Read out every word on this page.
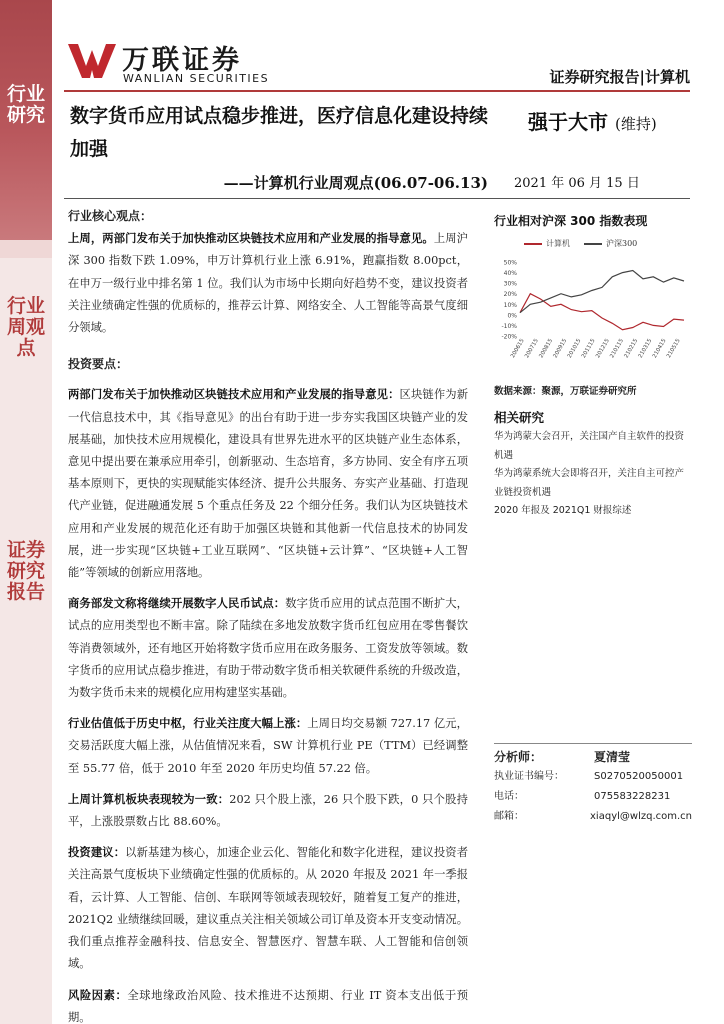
行业研究
行业周观点
证券研究报告
万联证券
WANLIAN SECURITIES	证券研究报告|计算机
数字货币应用试点稳步推进，医疗信息化建设持续加强
——计算机行业周观点(06.07-06.13)
强于大市 (维持)
2021 年 06 月 15 日
行业核心观点：
上周，两部门发布关于加快推动区块链技术应用和产业发展的指导意见。上周沪深 300 指数下跌 1.09%，申万计算机行业上涨 6.91%，跑赢指数 8.00pct，在申万一级行业中排名第 1 位。我们认为市场中长期向好趋势不变，建议投资者关注业绩确定性强的优质标的，推荐云计算、网络安全、人工智能等高景气度细分领域。
投资要点：
两部门发布关于加快推动区块链技术应用和产业发展的指导意见：区块链作为新一代信息技术中，其《指导意见》的出台有助于进一步夯实我国区块链产业的发展基础，加快技术应用规模化，建设具有世界先进水平的区块链产业生态体系，意见中提出要在兼承应用牵引，创新驱动、生态培育，多方协同、安全有序五项基本原则下，更快的实现赋能实体经济、提升公共服务、夯实产业基础、打造现代产业链，促进融通发展 5 个重点任务及 22 个细分任务。我们认为区块链技术应用和产业发展的规范化还有助于加强区块链和其他新一代信息技术的协同发展，进一步实现“区块链+工业互联网”、“区块链+云计算”、“区块链+人工智能”等领域的创新应用落地。
商务部发文称将继续开展数字人民币试点：数字货币应用的试点范围不断扩大，试点的应用类型也不断丰富。除了陆续在多地发放数字货币红包应用在零售餐饮等消费领域外，还有地区开始将数字货币应用在政务服务、工资发放等领域。数字货币的应用试点稳步推进，有助于带动数字货币相关软硬件系统的升级改造，为数字货币未来的规模化应用构建坚实基础。
行业估值低于历史中枢，行业关注度大幅上涨：上周日均交易额 727.17 亿元，交易活跃度大幅上涨，从估值情况来看，SW 计算机行业 PE（TTM）已经调整至 55.77 倍，低于 2010 年至 2020 年历史均值 57.22 倍。
上周计算机板块表现较为一致：202 只个股上涨，26 只个股下跌，0 只个股持平，上涨股票数占比 88.60%。
投资建议：以新基建为核心，加速企业云化、智能化和数字化进程，建议投资者关注高景气度板块下业绩确定性强的优质标的。从 2020 年报及 2021 年一季报看，云计算、人工智能、信创、车联网等领域表现较好，随着复工复产的推进，2021Q2 业绩继续回暖，建议重点关注相关领域公司订单及资本开支变动情况。我们重点推荐金融科技、信息安全、智慧医疗、智慧车联、人工智能和信创领域。
风险因素：全球地缘政治风险、技术推进不达预期、行业 IT 资本支出低于预期。
行业相对沪深 300 指数表现
计算机	沪深300
50%
40%
30%
20%
10%
0%
-10%
-20%
200615
200715
200815
200915
201015
201115
201215
210115
210215
210315
210415
210515
数据来源：聚源，万联证券研究所
相关研究
华为鸿蒙大会召开，关注国产自主软件的投资机遇
华为鸿蒙系统大会即将召开，关注自主可控产业链投资机遇
2020 年报及 2021Q1 财报综述
分析师：	夏清莹
执业证书编号：	S0270520050001
电话：	075583228231
邮箱：	xiaqyl@wlzq.com.cn
